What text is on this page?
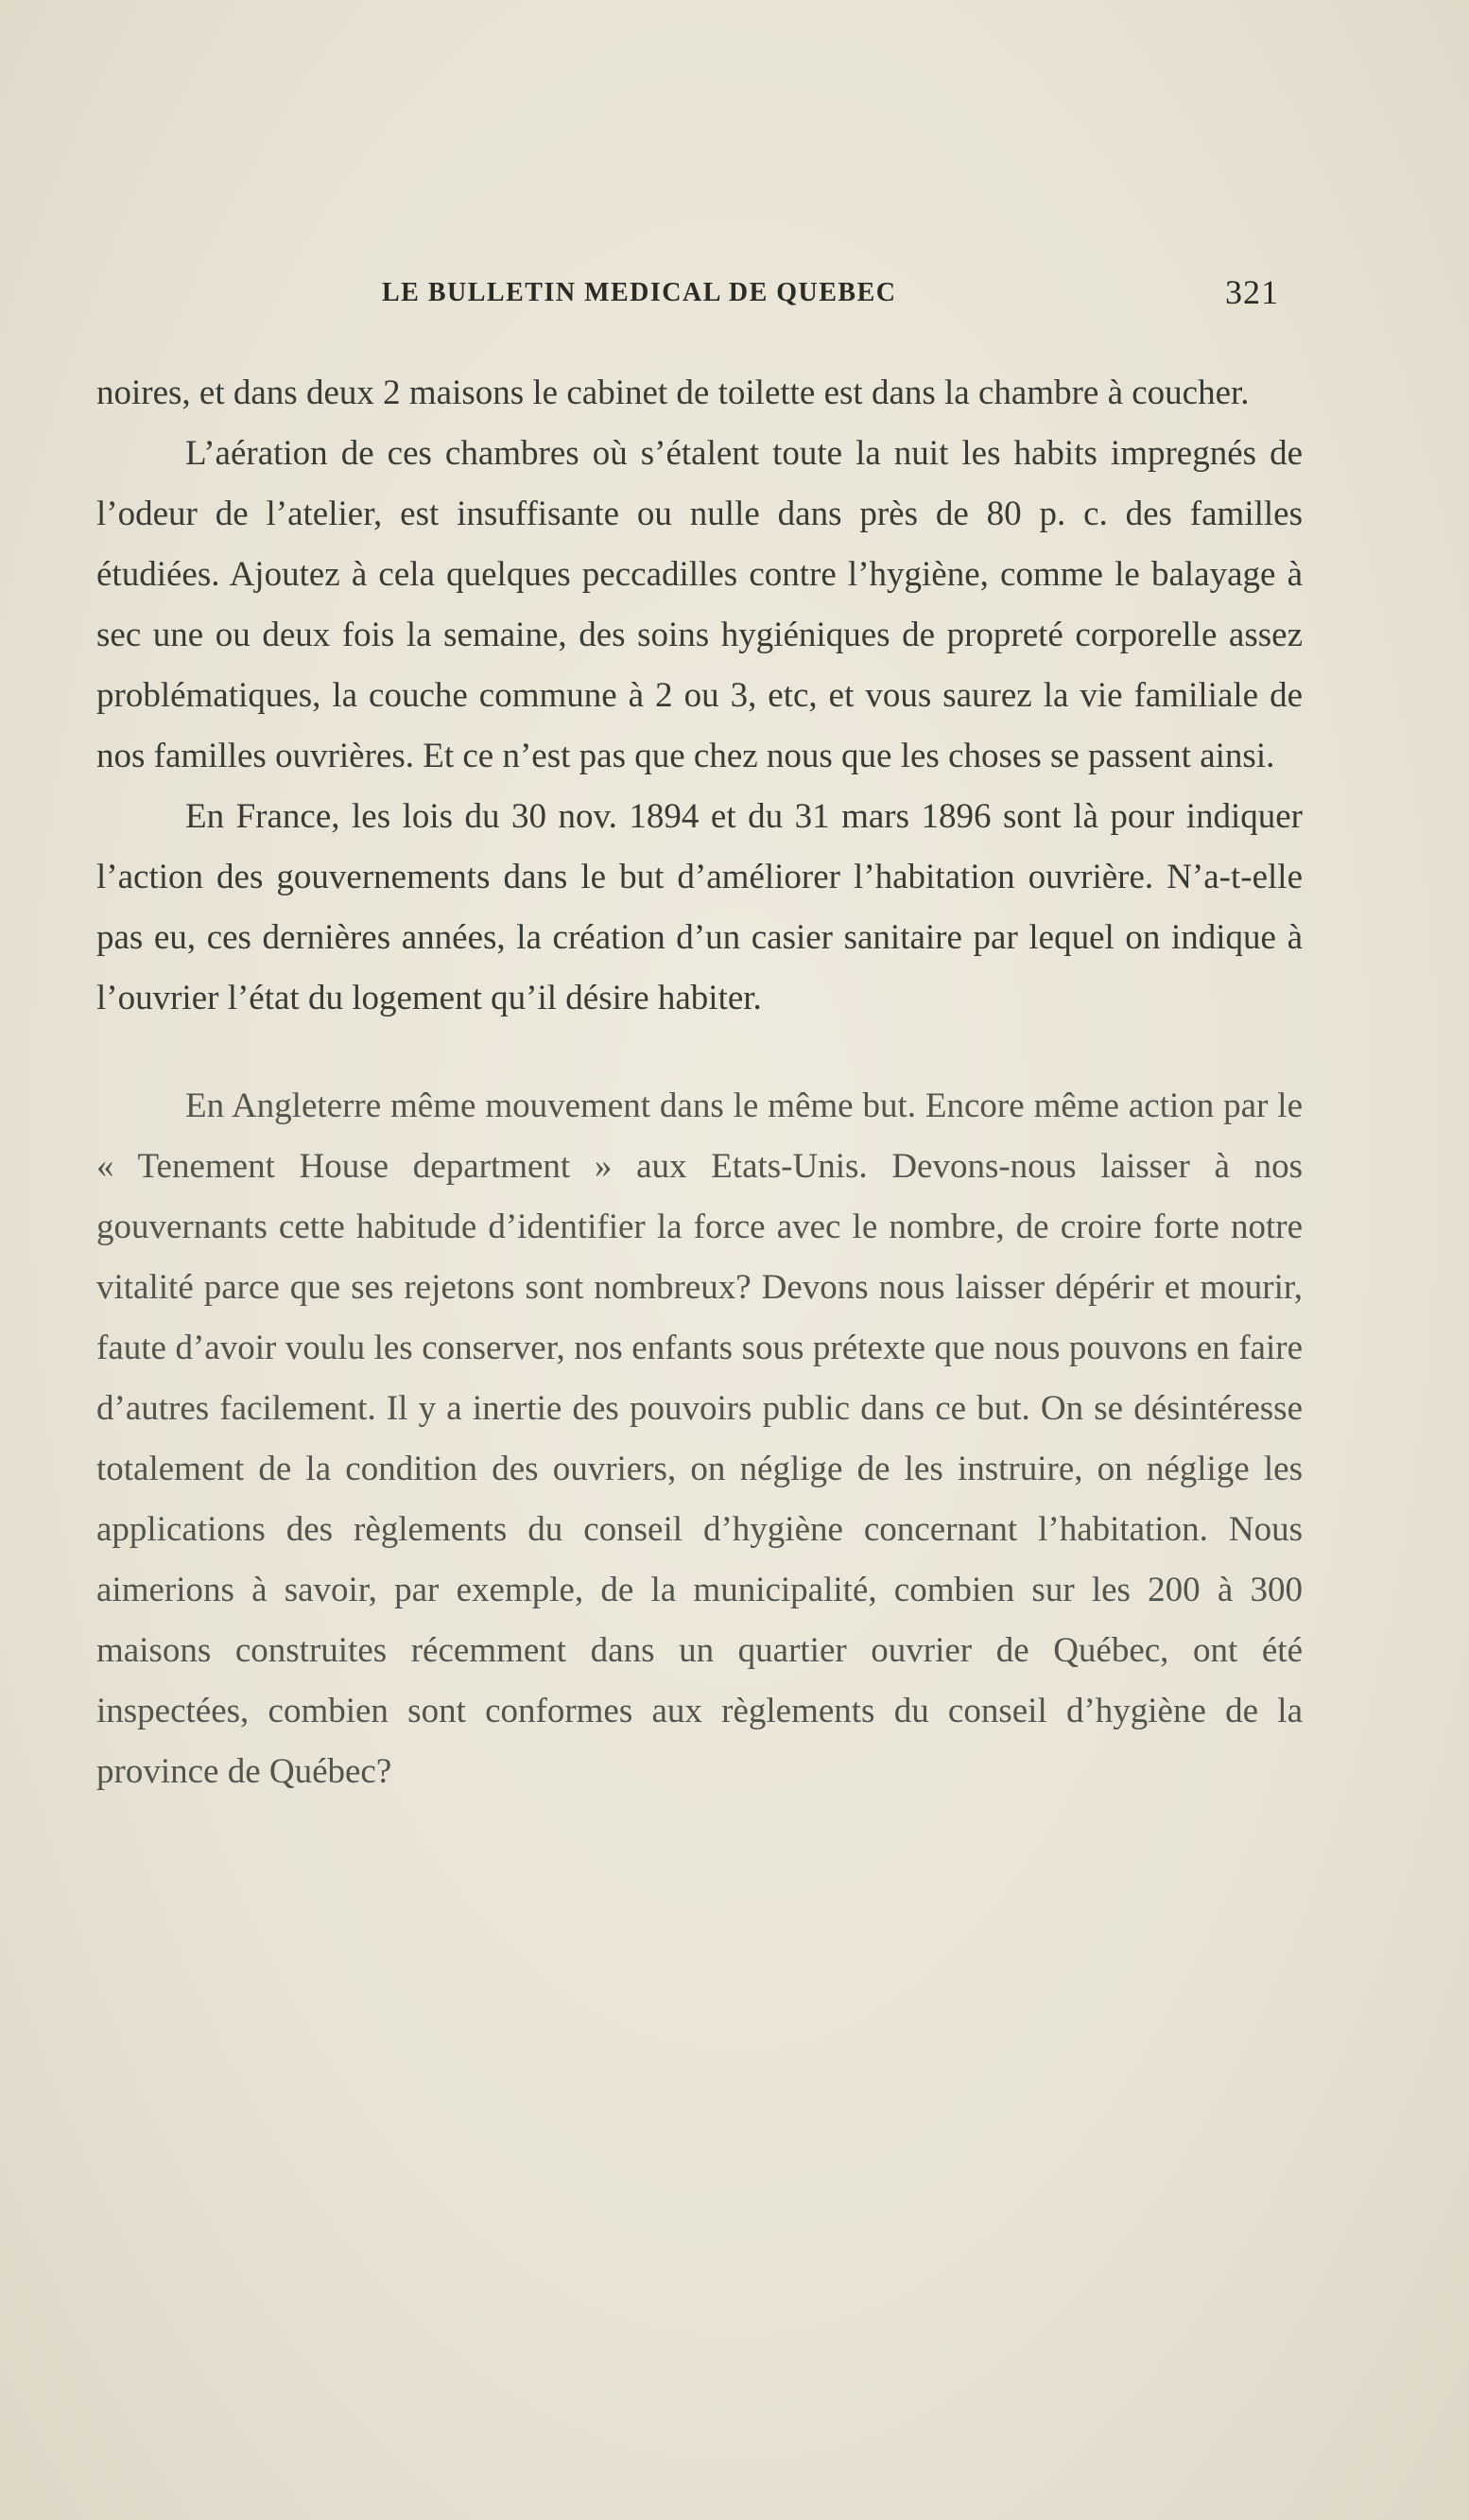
LE BULLETIN MEDICAL DE QUEBEC	321

noires, et dans deux 2 maisons le cabinet de toilette est dans la chambre à coucher.

L’aération de ces chambres où s’étalent toute la nuit les habits impregnés de l’odeur de l’atelier, est insuffisante ou nulle dans près de 80 p. c. des familles étudiées. Ajoutez à cela quelques peccadilles contre l’hygiène, comme le balayage à sec une ou deux fois la semaine, des soins hygiéniques de propreté corporelle assez problématiques, la couche commune à 2 ou 3, etc, et vous saurez la vie familiale de nos familles ouvrières. Et ce n’est pas que chez nous que les choses se passent ainsi.

En France, les lois du 30 nov. 1894 et du 31 mars 1896 sont là pour indiquer l’action des gouvernements dans le but d’améliorer l’habitation ouvrière. N’a-t-elle pas eu, ces dernières années, la création d’un casier sanitaire par lequel on indique à l’ouvrier l’état du logement qu’il désire habiter.

En Angleterre même mouvement dans le même but. Encore même action par le « Tenement House department » aux Etats-Unis. Devons-nous laisser à nos gouvernants cette habitude d’identifier la force avec le nombre, de croire forte notre vitalité parce que ses rejetons sont nombreux? Devons nous laisser dépérir et mourir, faute d’avoir voulu les conserver, nos enfants sous prétexte que nous pouvons en faire d’autres facilement. Il y a inertie des pouvoirs public dans ce but. On se désintéresse totalement de la condition des ouvriers, on néglige de les instruire, on néglige les applications des règlements du conseil d’hygiène concernant l’habitation. Nous aimerions à savoir, par exemple, de la municipalité, combien sur les 200 à 300 maisons construites récemment dans un quartier ouvrier de Québec, ont été inspectées, combien sont conformes aux règlements du conseil d’hygiène de la province de Québec?
